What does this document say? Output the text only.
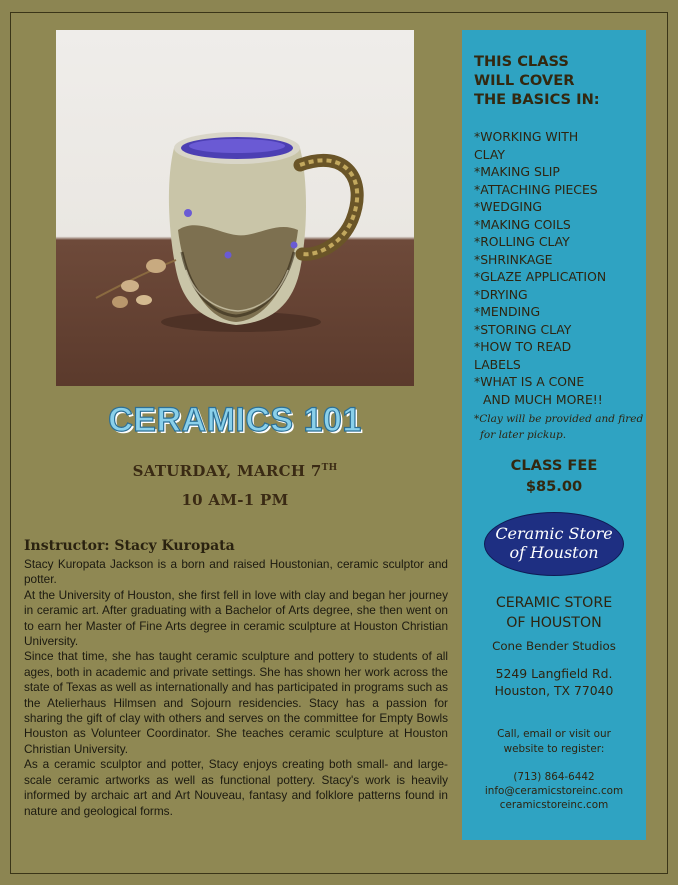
CERAMICS 101
SATURDAY, MARCH 7TH
10 AM-1 PM
Instructor: Stacy Kuropata

Stacy Kuropata Jackson is a born and raised Houstonian, ceramic sculptor and potter.

At the University of Houston, she first fell in love with clay and began her journey in ceramic art. After graduating with a Bachelor of Arts degree, she then went on to earn her Master of Fine Arts degree in ceramic sculpture at Houston Christian University.

Since that time, she has taught ceramic sculpture and pottery to students of all ages, both in academic and private settings. She has shown her work across the state of Texas as well as internationally and has participated in programs such as the Atelierhaus Hilmsen and Sojourn residencies. Stacy has a passion for sharing the gift of clay with others and serves on the committee for Empty Bowls Houston as Volunteer Coordinator. She teaches ceramic sculpture at Houston Christian University.

As a ceramic sculptor and potter, Stacy enjoys creating both small- and large-scale ceramic artworks as well as functional pottery. Stacy's work is heavily informed by archaic art and Art Nouveau, fantasy and folklore patterns found in nature and geological forms.

THIS CLASS
WILL COVER
THE BASICS IN:
*WORKING WITH
CLAY
*MAKING SLIP
*ATTACHING PIECES
*WEDGING
*MAKING COILS
*ROLLING CLAY
*SHRINKAGE
*GLAZE APPLICATION
*DRYING
*MENDING
*STORING CLAY
*HOW TO READ
LABELS
*WHAT IS A CONE
AND MUCH MORE!!
*Clay will be provided and fired
for later pickup.
CLASS FEE
$85.00
Ceramic Store
of Houston
CERAMIC STORE
OF HOUSTON
Cone Bender Studios
5249 Langfield Rd.
Houston, TX 77040
Call, email or visit our
website to register:
(713) 864-6442
info@ceramicstoreinc.com
ceramicstoreinc.com
